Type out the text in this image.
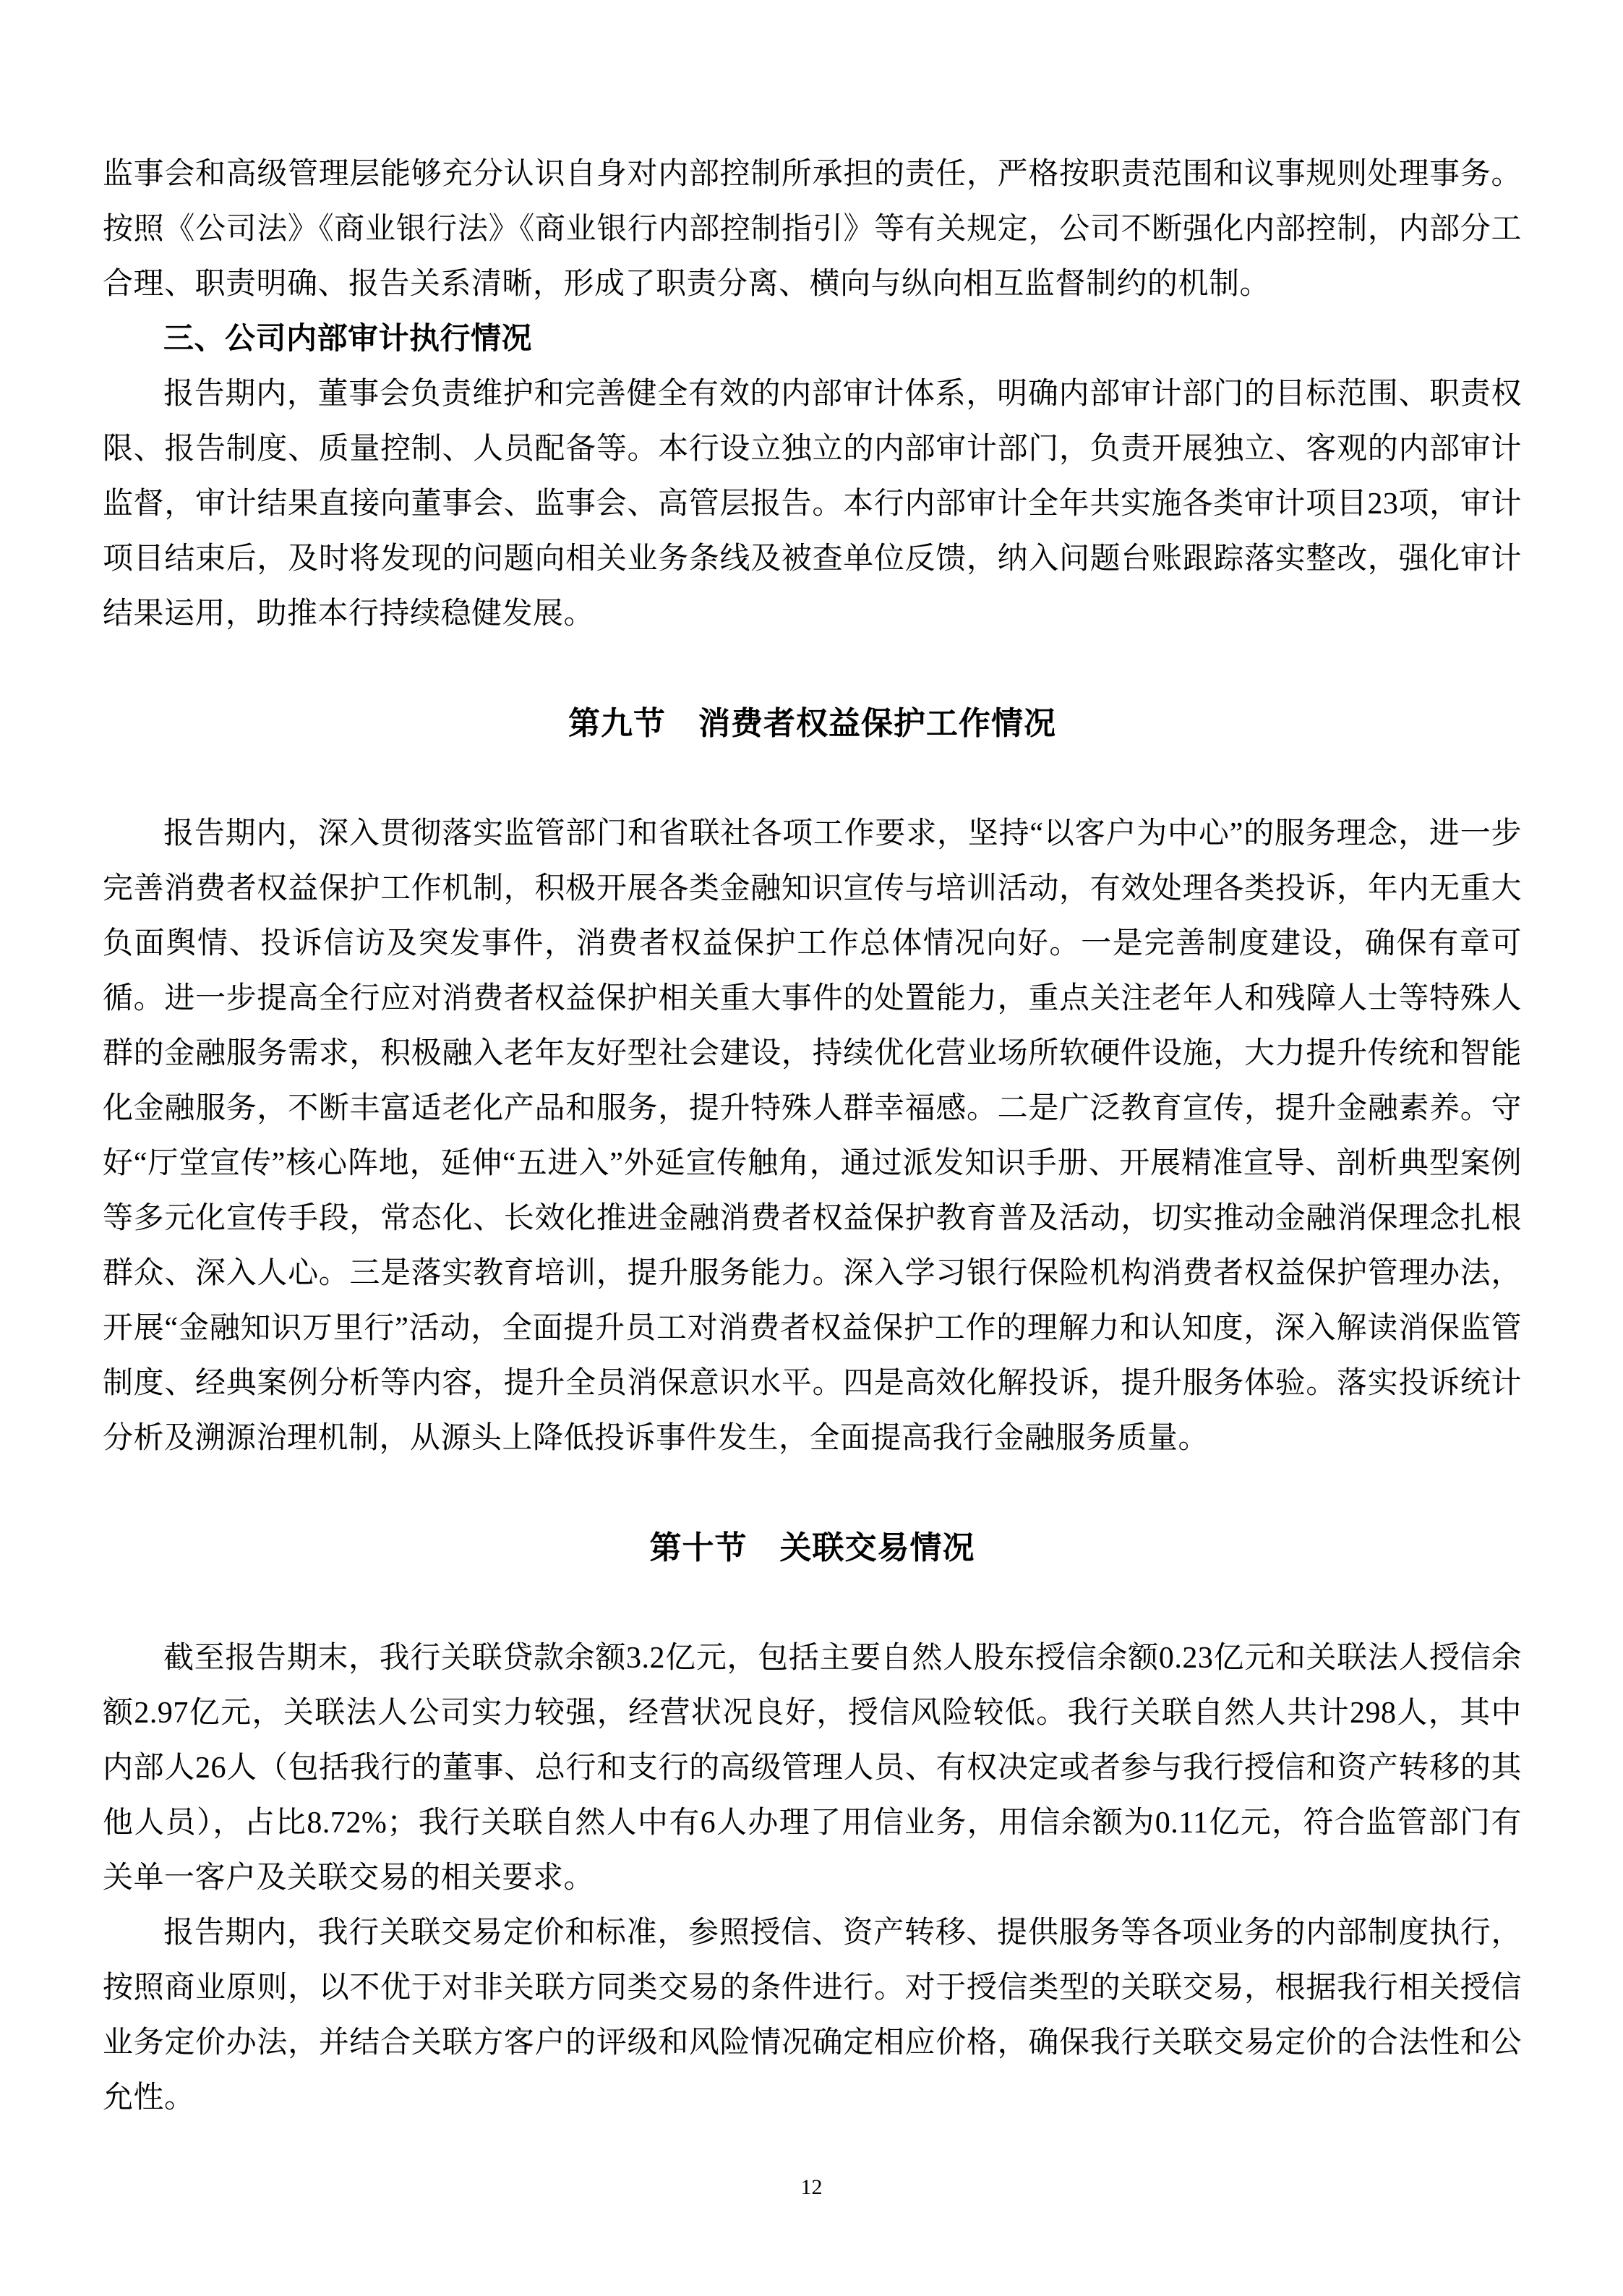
监事会和高级管理层能够充分认识自身对内部控制所承担的责任，严格按职责范围和议事规则处理事务。按照《公司法》《商业银行法》《商业银行内部控制指引》等有关规定，公司不断强化内部控制，内部分工合理、职责明确、报告关系清晰，形成了职责分离、横向与纵向相互监督制约的机制。

三、公司内部审计执行情况

报告期内，董事会负责维护和完善健全有效的内部审计体系，明确内部审计部门的目标范围、职责权限、报告制度、质量控制、人员配备等。本行设立独立的内部审计部门，负责开展独立、客观的内部审计监督，审计结果直接向董事会、监事会、高管层报告。本行内部审计全年共实施各类审计项目23项，审计项目结束后，及时将发现的问题向相关业务条线及被查单位反馈，纳入问题台账跟踪落实整改，强化审计结果运用，助推本行持续稳健发展。

第九节　消费者权益保护工作情况

报告期内，深入贯彻落实监管部门和省联社各项工作要求，坚持“以客户为中心”的服务理念，进一步完善消费者权益保护工作机制，积极开展各类金融知识宣传与培训活动，有效处理各类投诉，年内无重大负面舆情、投诉信访及突发事件，消费者权益保护工作总体情况向好。一是完善制度建设，确保有章可循。进一步提高全行应对消费者权益保护相关重大事件的处置能力，重点关注老年人和残障人士等特殊人群的金融服务需求，积极融入老年友好型社会建设，持续优化营业场所软硬件设施，大力提升传统和智能化金融服务，不断丰富适老化产品和服务，提升特殊人群幸福感。二是广泛教育宣传，提升金融素养。守好“厅堂宣传”核心阵地，延伸“五进入”外延宣传触角，通过派发知识手册、开展精准宣导、剖析典型案例等多元化宣传手段，常态化、长效化推进金融消费者权益保护教育普及活动，切实推动金融消保理念扎根群众、深入人心。三是落实教育培训，提升服务能力。深入学习银行保险机构消费者权益保护管理办法，开展“金融知识万里行”活动，全面提升员工对消费者权益保护工作的理解力和认知度，深入解读消保监管制度、经典案例分析等内容，提升全员消保意识水平。四是高效化解投诉，提升服务体验。落实投诉统计分析及溯源治理机制，从源头上降低投诉事件发生，全面提高我行金融服务质量。

第十节　关联交易情况

截至报告期末，我行关联贷款余额3.2亿元，包括主要自然人股东授信余额0.23亿元和关联法人授信余额2.97亿元，关联法人公司实力较强，经营状况良好，授信风险较低。我行关联自然人共计298人，其中内部人26人（包括我行的董事、总行和支行的高级管理人员、有权决定或者参与我行授信和资产转移的其他人员），占比8.72%；我行关联自然人中有6人办理了用信业务，用信余额为0.11亿元，符合监管部门有关单一客户及关联交易的相关要求。

报告期内，我行关联交易定价和标准，参照授信、资产转移、提供服务等各项业务的内部制度执行，按照商业原则，以不优于对非关联方同类交易的条件进行。对于授信类型的关联交易，根据我行相关授信业务定价办法，并结合关联方客户的评级和风险情况确定相应价格，确保我行关联交易定价的合法性和公允性。

12
